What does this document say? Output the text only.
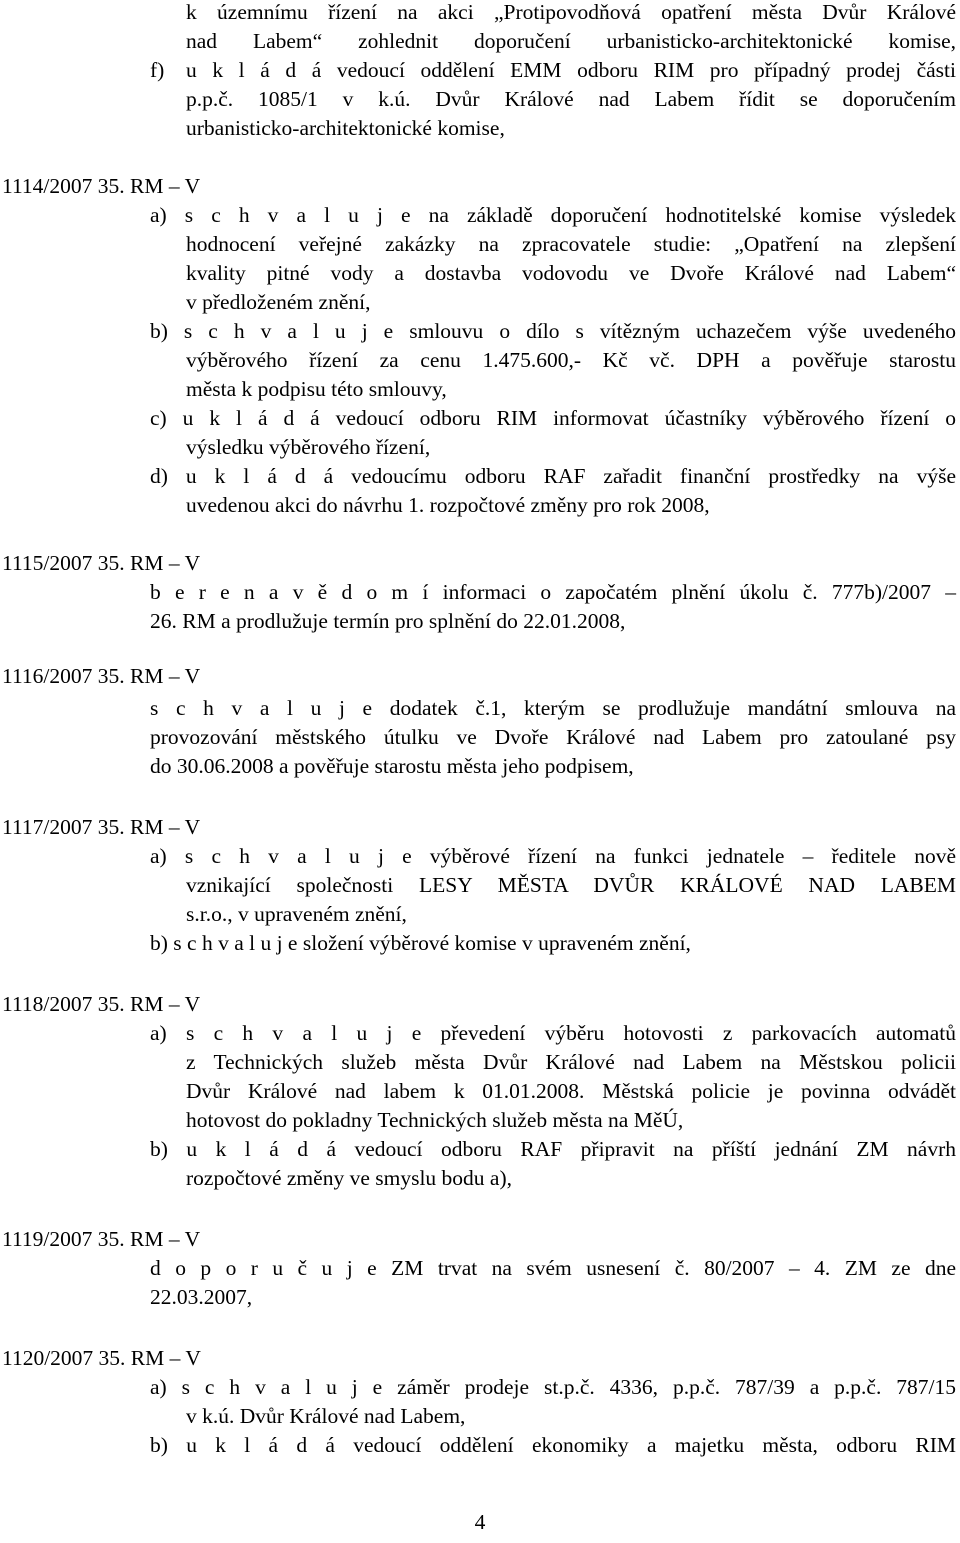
k územnímu řízení na akci „Protipovodňová opatření města Dvůr Králové
nad Labem“ zohlednit doporučení urbanisticko-architektonické komise,
f) u k l á d á vedoucí oddělení EMM odboru RIM pro případný prodej části
p.p.č. 1085/1 v k.ú. Dvůr Králové nad Labem řídit se doporučením
urbanisticko-architektonické komise,
1114/2007 35. RM – V
a) s c h v a l u j e na základě doporučení hodnotitelské komise výsledek
hodnocení veřejné zakázky na zpracovatele studie: „Opatření na zlepšení
kvality pitné vody a dostavba vodovodu ve Dvoře Králové nad Labem“
v předloženém znění,
b) s c h v a l u j e smlouvu o dílo s vítězným uchazečem výše uvedeného
výběrového řízení za cenu 1.475.600,- Kč vč. DPH a pověřuje starostu
města k podpisu této smlouvy,
c) u k l á d á vedoucí odboru RIM informovat účastníky výběrového řízení o
výsledku výběrového řízení,
d) u k l á d á vedoucímu odboru RAF zařadit finanční prostředky na výše
uvedenou akci do návrhu 1. rozpočtové změny pro rok 2008,
1115/2007 35. RM – V
b e r e n a v ě d o m í informaci o započatém plnění úkolu č. 777b)/2007 –
26. RM a prodlužuje termín pro splnění do 22.01.2008,
1116/2007 35. RM – V
s c h v a l u j e dodatek č.1, kterým se prodlužuje mandátní smlouva na
provozování městského útulku ve Dvoře Králové nad Labem pro zatoulané psy
do 30.06.2008 a pověřuje starostu města jeho podpisem,
1117/2007 35. RM – V
a) s c h v a l u j e výběrové řízení na funkci jednatele – ředitele nově
vznikající společnosti LESY MĚSTA DVŮR KRÁLOVÉ NAD LABEM
s.r.o., v upraveném znění,
b) s c h v a l u j e složení výběrové komise v upraveném znění,
1118/2007 35. RM – V
a) s c h v a l u j e převedení výběru hotovosti z parkovacích automatů
z Technických služeb města Dvůr Králové nad Labem na Městskou policii
Dvůr Králové nad labem k 01.01.2008. Městská policie je povinna odvádět
hotovost do pokladny Technických služeb města na MěÚ,
b) u k l á d á vedoucí odboru RAF připravit na příští jednání ZM návrh
rozpočtové změny ve smyslu bodu a),
1119/2007 35. RM – V
d o p o r u č u j e ZM trvat na svém usnesení č. 80/2007 – 4. ZM ze dne
22.03.2007,
1120/2007 35. RM – V
a) s c h v a l u j e záměr prodeje st.p.č. 4336, p.p.č. 787/39 a p.p.č. 787/15
v k.ú. Dvůr Králové nad Labem,
b) u k l á d á vedoucí oddělení ekonomiky a majetku města, odboru RIM
4
